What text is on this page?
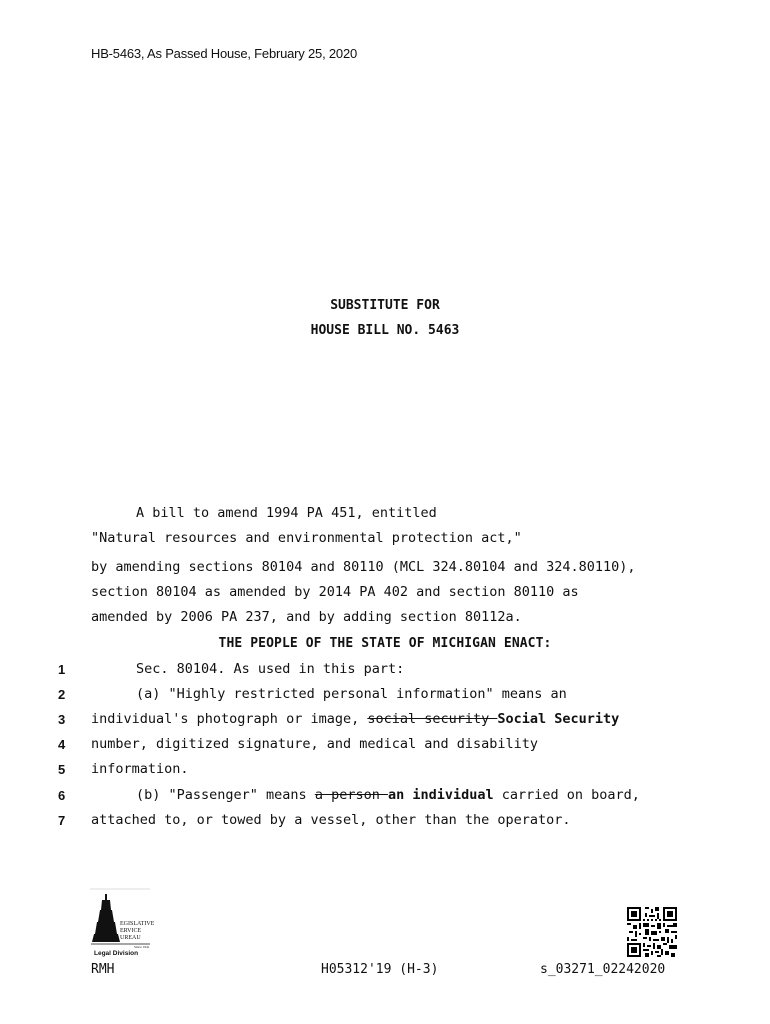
HB-5463, As Passed House, February 25, 2020
SUBSTITUTE FOR
HOUSE BILL NO. 5463
A bill to amend 1994 PA 451, entitled
"Natural resources and environmental protection act,"
by amending sections 80104 and 80110 (MCL 324.80104 and 324.80110),
section 80104 as amended by 2014 PA 402 and section 80110 as
amended by 2006 PA 237, and by adding section 80112a.
THE PEOPLE OF THE STATE OF MICHIGAN ENACT:
1	Sec. 80104. As used in this part:
2	(a) "Highly restricted personal information" means an
3 individual's photograph or image, social security Social Security
4 number, digitized signature, and medical and disability
5 information.
6	(b) "Passenger" means a person an individual carried on board,
7 attached to, or towed by a vessel, other than the operator.
EGISLATIVE
ERVICE
UREAU
Since 1941
Legal Division
RMH	H05312'19 (H-3)	s_03271_02242020
